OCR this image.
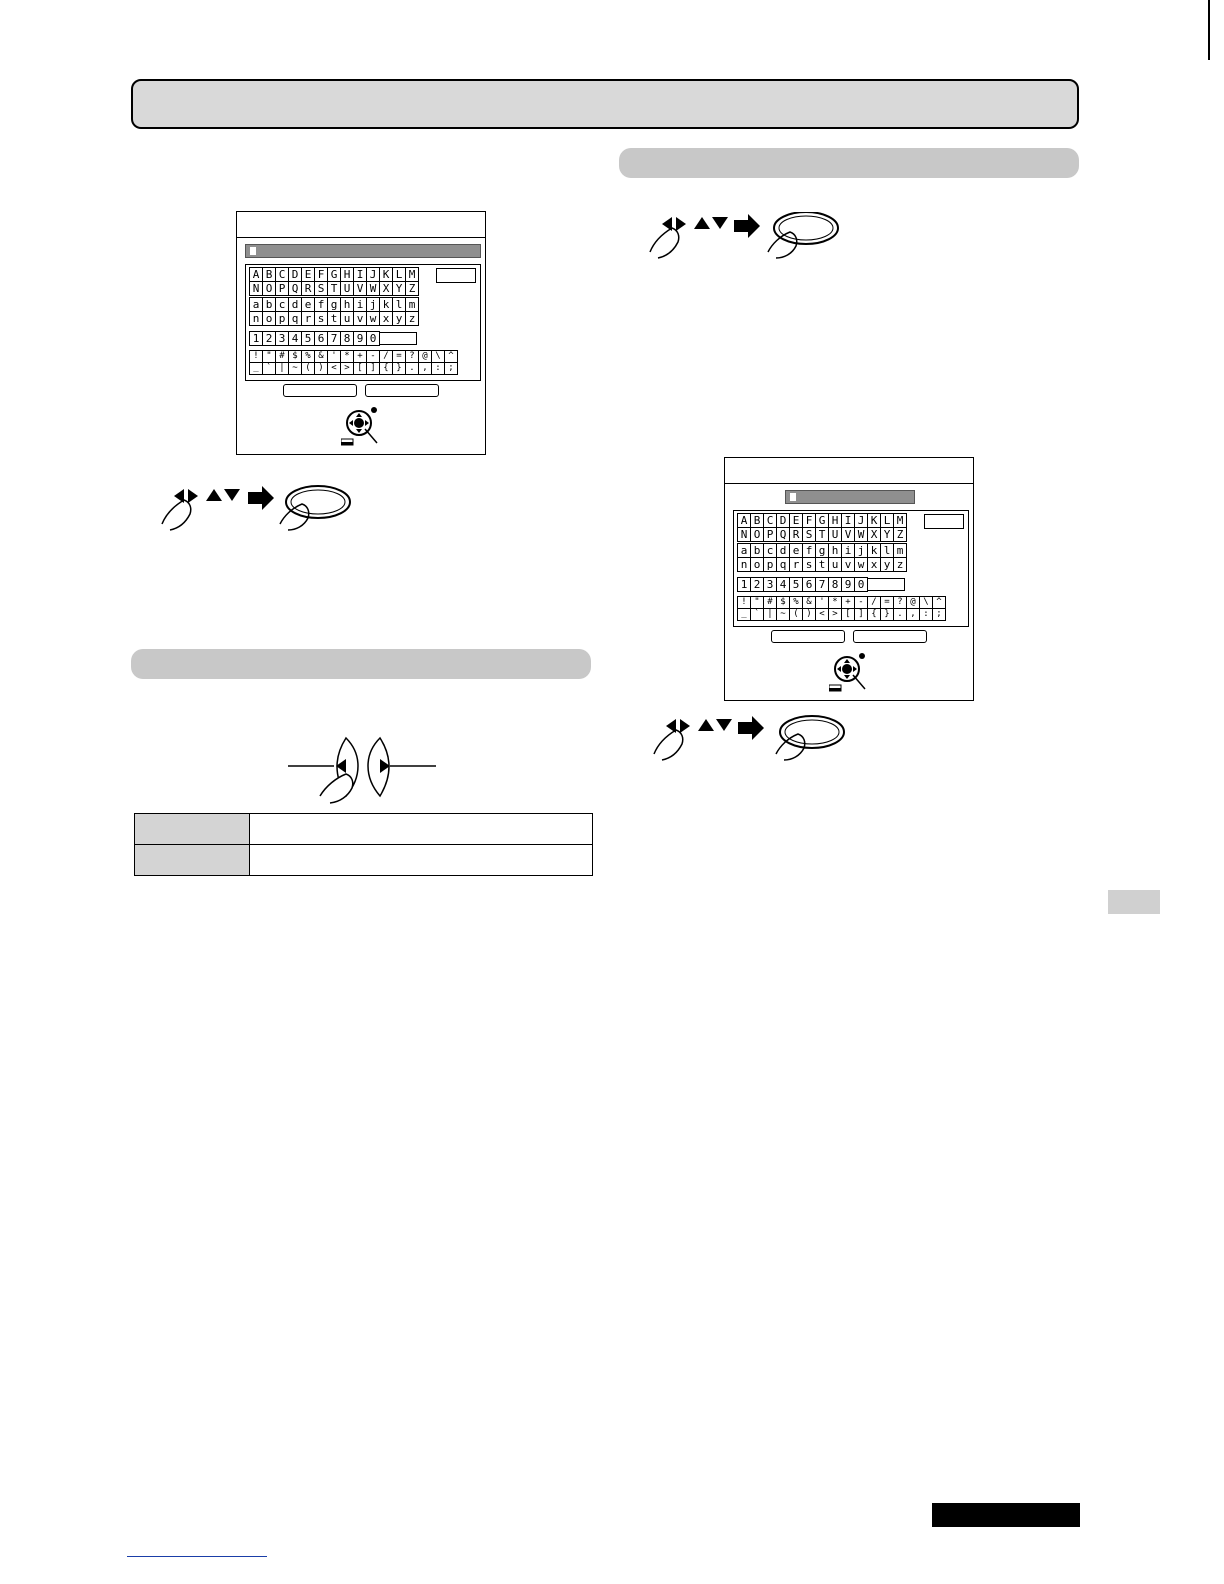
A	B	C	D	E	F	G	H	I	J	K	L	M
N	O	P	Q	R	S	T	U	V	W	X	Y	Z
a	b	c	d	e	f	g	h	i	j	k	l	m
n	o	p	q	r	s	t	u	v	w	x	y	z
1	2	3	4	5	6	7	8	9	0
!	"	#	$	%	&	'	*	+	-	/	=	?	@	\	^
_	`	|	~	(	)	<	>	[	]	{	}	.	,	:	;
A	B	C	D	E	F	G	H	I	J	K	L	M
N	O	P	Q	R	S	T	U	V	W	X	Y	Z
a	b	c	d	e	f	g	h	i	j	k	l	m
n	o	p	q	r	s	t	u	v	w	x	y	z
1	2	3	4	5	6	7	8	9	0
!	"	#	$	%	&	'	*	+	-	/	=	?	@	\	^
_	`	|	~	(	)	<	>	[	]	{	}	.	,	:	;
